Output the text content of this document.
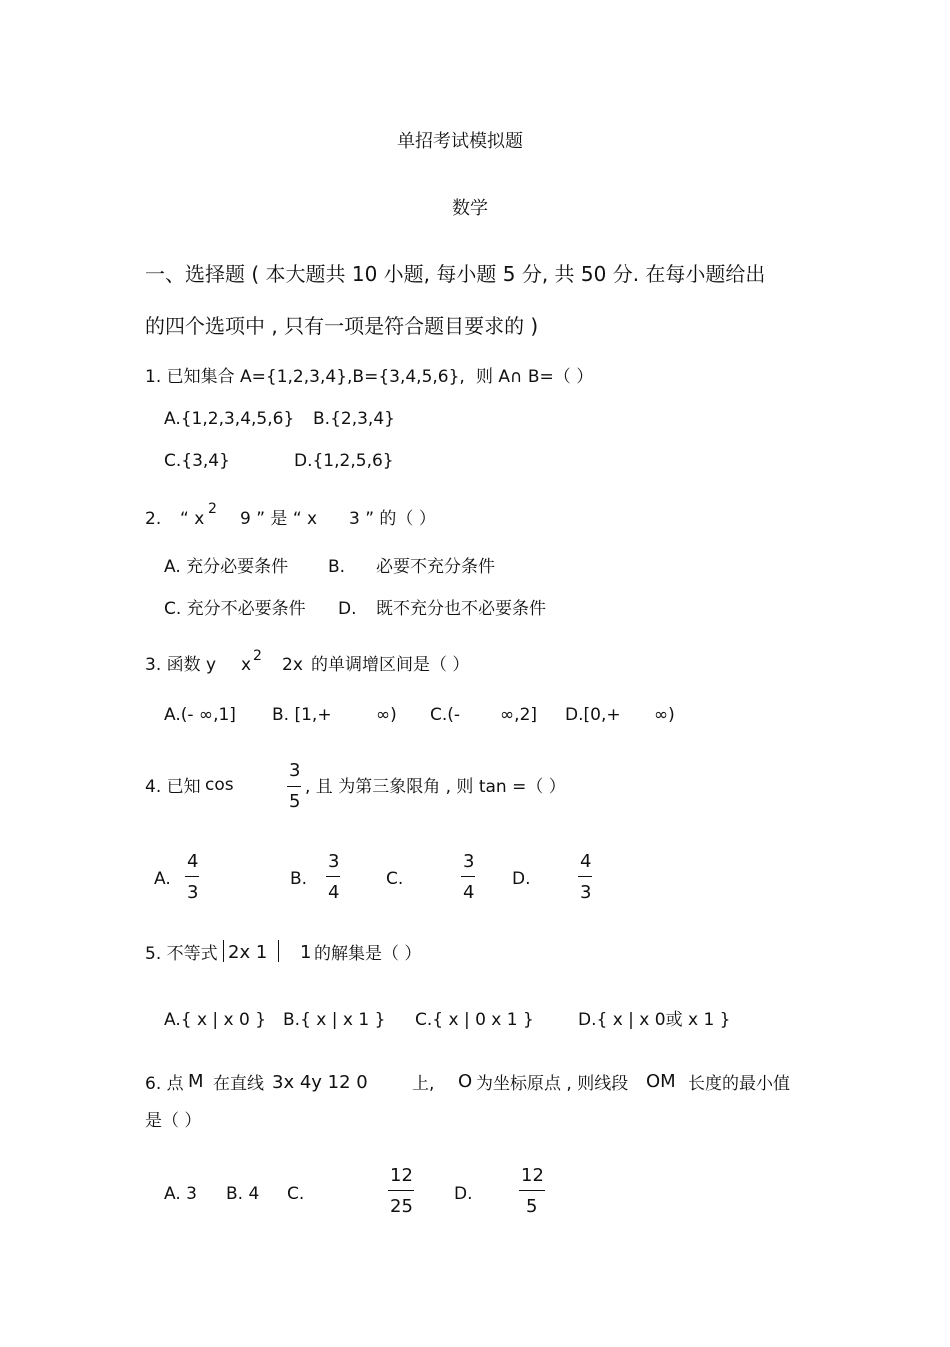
单招考试模拟题
数学
一、选择题 ( 本大题共 10 小题, 每小题 5 分, 共 50 分. 在每小题给出
的四个选项中 , 只有一项是符合题目要求的 )
1. 已知集合 A={1,2,3,4},B={3,4,5,6}, 则 A∩ B=（ ）
A.{1,2,3,4,5,6} B.{2,3,4}
C.{3,4}	D.{1,2,5,6}
2. “ x 2 9 ” 是 “ x 3 ” 的（ ）
A. 充分必要条件 B. 必要不充分条件
C. 充分不必要条件 D. 既不充分也不必要条件
3. 函数 y x 2 2x 的单调增区间是（ ）
A.(- ∞,1] B. [1,+	∞) C.(- ∞,2] D.[0,+ ∞)
4. 已知 cos
3
5
, 且 为第三象限角 , 则 tan =（ ）
A.
4
3
B.
3
4
C.
3
4
D.
4
3
5. 不等式 2x 1 1 的解集是（ ）
A.{ x | x 0 } B.{ x | x 1 } C.{ x | 0 x 1 }	D.{ x | x 0或 x 1 }
6. 点 M 在直线 3x 4y 12 0	上, O 为坐标原点 , 则线段 OM 长度的最小值
是（ ）
A. 3 B. 4 C.
12
25
D.
12
5
